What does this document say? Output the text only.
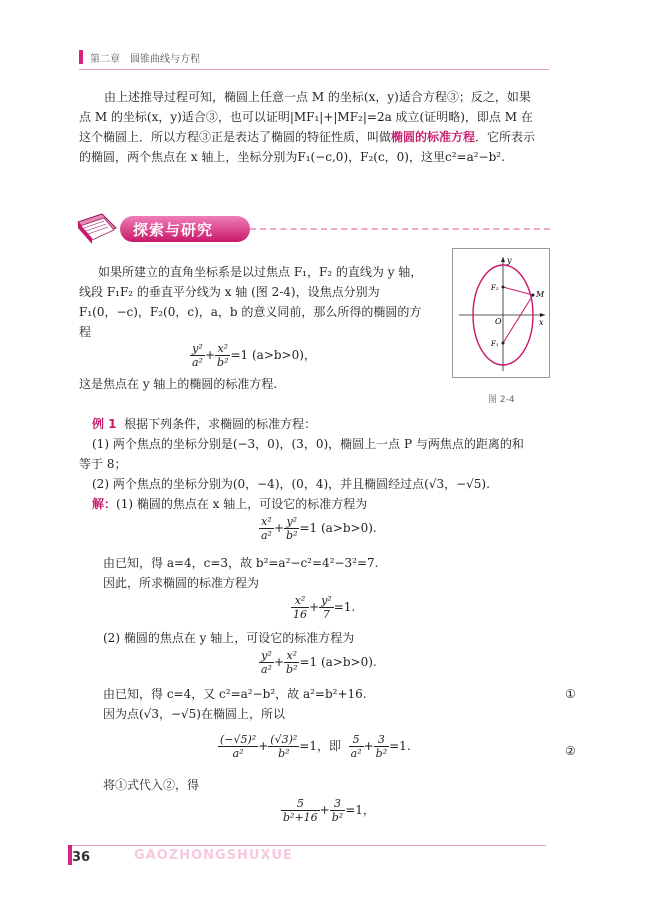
第二章　圆锥曲线与方程
由上述推导过程可知，椭圆上任意一点 M 的坐标(x，y)适合方程③；反之，如果
点 M 的坐标(x，y)适合③，也可以证明|MF₁|+|MF₂|=2a 成立(证明略)，即点 M 在
这个椭圆上．所以方程③正是表达了椭圆的特征性质，叫做椭圆的标准方程．它所表示
的椭圆，两个焦点在 x 轴上，坐标分别为F₁(−c,0)，F₂(c，0)，这里c²=a²−b².
探索与研究
如果所建立的直角坐标系是以过焦点 F₁，F₂ 的直线为 y 轴，
线段 F₁F₂ 的垂直平分线为 x 轴 (图 2-4)，设焦点分别为
F₁(0，−c)，F₂(0，c)，a，b 的意义同前，那么所得的椭圆的方
程
$\frac{\text{y²}}{\text{a²}} + \frac{\text{x²}}{\text{b²}} =1$ (a>b>0)，
这是焦点在 y 轴上的椭圆的标准方程.
y
x
O
F₂
F₁
M
图 2-4
例 1 根据下列条件，求椭圆的标准方程：
(1) 两个焦点的坐标分别是(−3，0)，(3，0)，椭圆上一点 P 与两焦点的距离的和
等于 8；
(2) 两个焦点的坐标分别为(0，−4)，(0，4)，并且椭圆经过点(√3，−√5).
解：(1) 椭圆的焦点在 x 轴上，可设它的标准方程为
$\frac{\text{x²}}{\text{a²}} + \frac{\text{y²}}{\text{b²}} =1$ (a>b>0).
由已知，得 a=4，c=3，故 b²=a²−c²=4²−3²=7.
因此，所求椭圆的标准方程为
$\frac{\text{x²}}{16} + \frac{\text{y²}}{7} =1$.
(2) 椭圆的焦点在 y 轴上，可设它的标准方程为
$\frac{\text{y²}}{\text{a²}} + \frac{\text{x²}}{\text{b²}} =1$ (a>b>0).
由已知，得 c=4，又 c²=a²−b²，故 a²=b²+16.	①
因为点(√3，−√5)在椭圆上，所以
$\frac{\text{(−√5)²}}{\text{a²}} + \frac{\text{(√3)²}}{\text{b²}} =1$，即 $\frac{5}{\text{a²}} + \frac{3}{\text{b²}} =1$.	②
将①式代入②，得
$\frac{5}{\text{b²+16}} + \frac{3}{\text{b²}} =1$，
36	GAOZHONGSHUXUE
